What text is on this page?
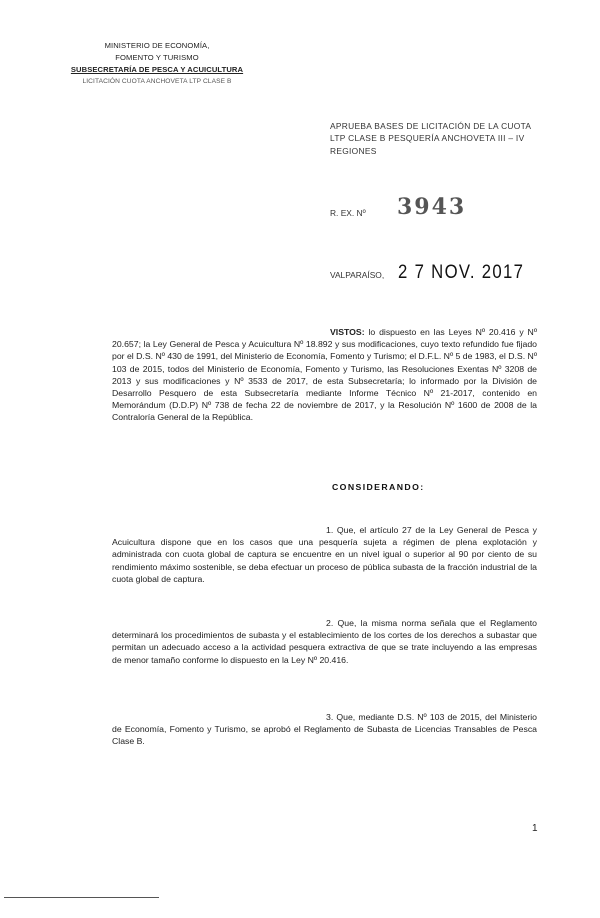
MINISTERIO DE ECONOMÍA,
FOMENTO Y TURISMO
SUBSECRETARÍA DE PESCA Y ACUICULTURA
LICITACIÓN CUOTA ANCHOVETA LTP CLASE B
APRUEBA BASES DE LICITACIÓN DE LA CUOTA LTP CLASE B PESQUERÍA ANCHOVETA III – IV REGIONES
R. EX. Nº 3943
VALPARAÍSO, 2 7 NOV. 2017
VISTOS: lo dispuesto en las Leyes Nº 20.416 y Nº 20.657; la Ley General de Pesca y Acuicultura Nº 18.892 y sus modificaciones, cuyo texto refundido fue fijado por el D.S. Nº 430 de 1991, del Ministerio de Economía, Fomento y Turismo; el D.F.L. Nº 5 de 1983, el D.S. Nº 103 de 2015, todos del Ministerio de Economía, Fomento y Turismo, las Resoluciones Exentas Nº 3208 de 2013 y sus modificaciones y Nº 3533 de 2017, de esta Subsecretaría; lo informado por la División de Desarrollo Pesquero de esta Subsecretaría mediante Informe Técnico Nº 21-2017, contenido en Memorándum (D.D.P) Nº 738 de fecha 22 de noviembre de 2017, y la Resolución Nº 1600 de 2008 de la Contraloría General de la República.
CONSIDERANDO:
1. Que, el artículo 27 de la Ley General de Pesca y Acuicultura dispone que en los casos que una pesquería sujeta a régimen de plena explotación y administrada con cuota global de captura se encuentre en un nivel igual o superior al 90 por ciento de su rendimiento máximo sostenible, se deba efectuar un proceso de pública subasta de la fracción industrial de la cuota global de captura.
2. Que, la misma norma señala que el Reglamento determinará los procedimientos de subasta y el establecimiento de los cortes de los derechos a subastar que permitan un adecuado acceso a la actividad pesquera extractiva de que se trate incluyendo a las empresas de menor tamaño conforme lo dispuesto en la Ley Nº 20.416.
3. Que, mediante D.S. Nº 103 de 2015, del Ministerio de Economía, Fomento y Turismo, se aprobó el Reglamento de Subasta de Licencias Transables de Pesca Clase B.
1
